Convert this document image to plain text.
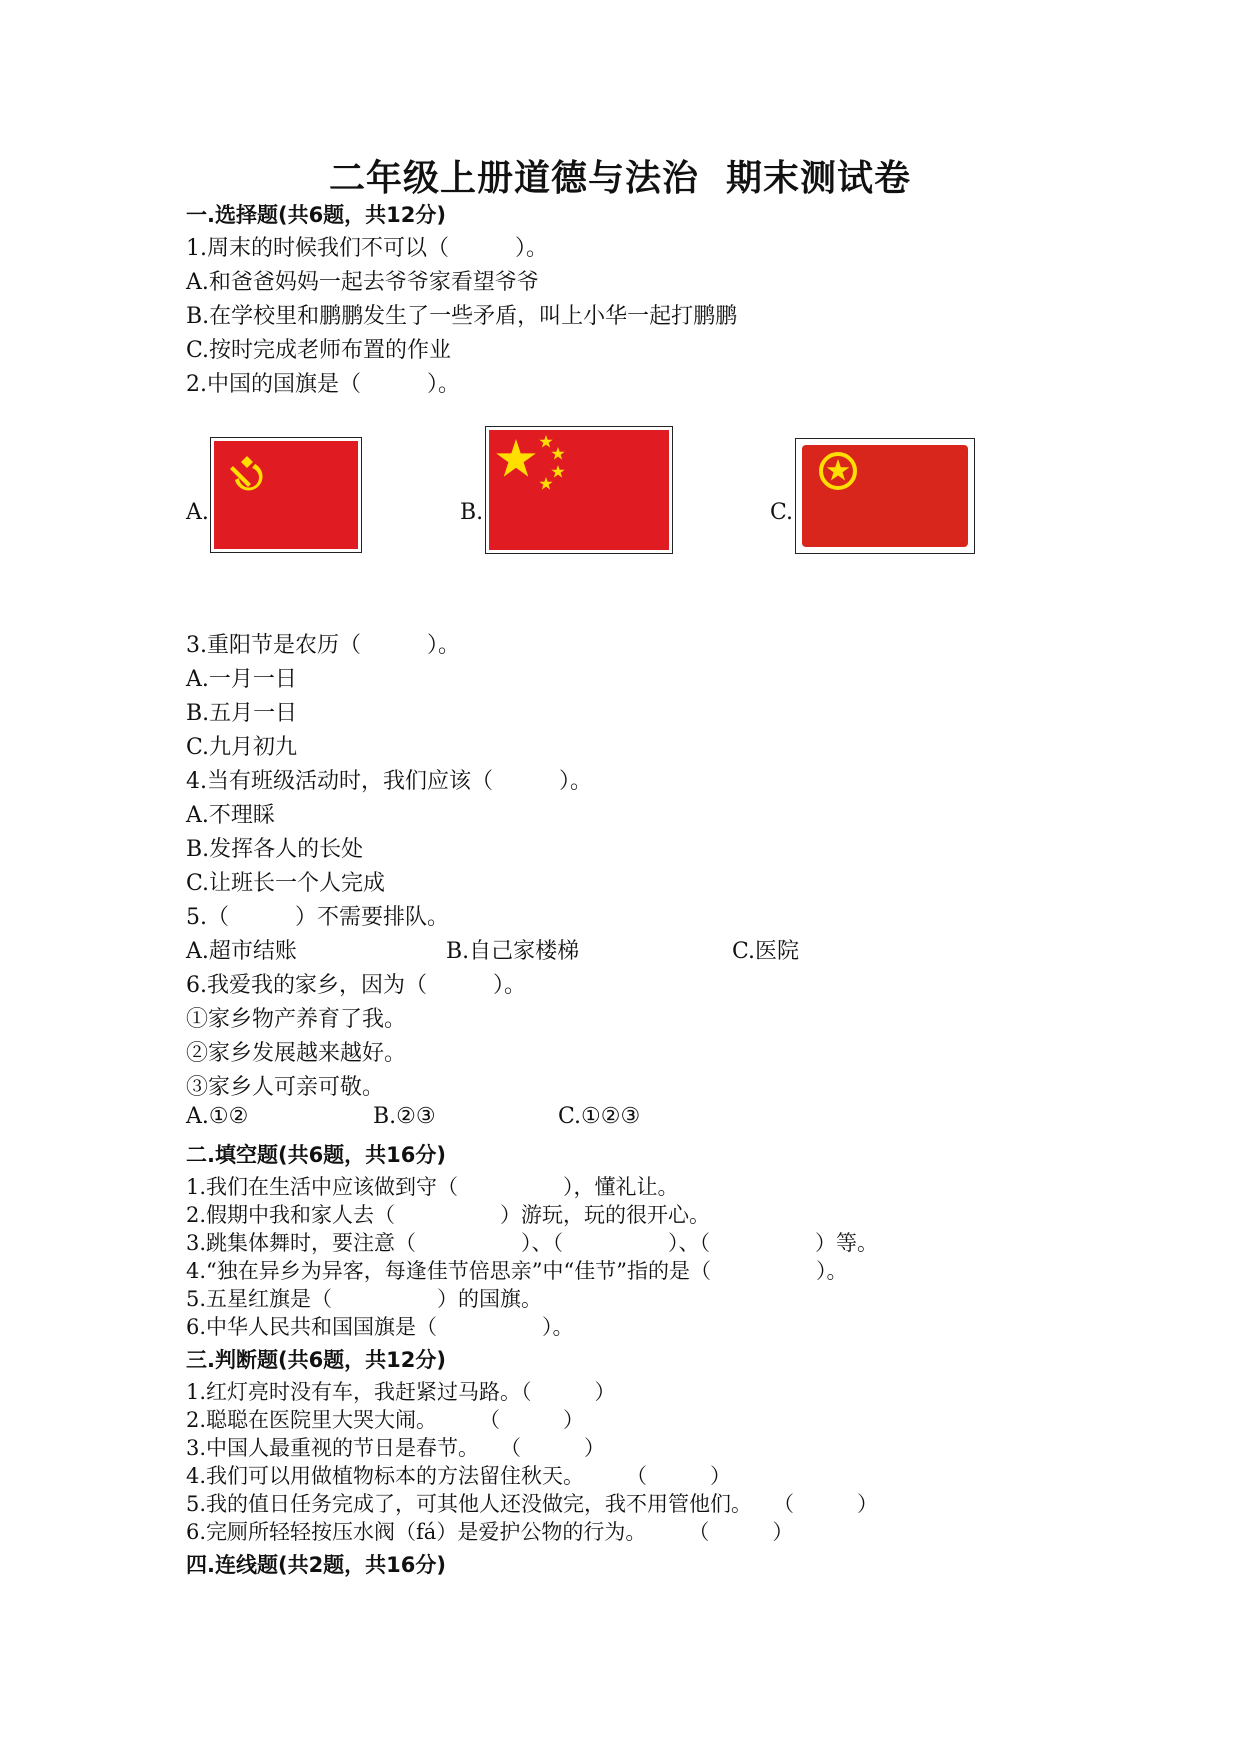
二年级上册道德与法治  期末测试卷
一.选择题(共6题，共12分)
1.周末的时候我们不可以（　　　）。
A.和爸爸妈妈一起去爷爷家看望爷爷
B.在学校里和鹏鹏发生了一些矛盾，叫上小华一起打鹏鹏
C.按时完成老师布置的作业
2.中国的国旗是（　　　）。
A.	B.	C.
3.重阳节是农历（　　　）。
A.一月一日
B.五月一日
C.九月初九
4.当有班级活动时，我们应该（　　　）。
A.不理睬
B.发挥各人的长处
C.让班长一个人完成
5.（　　　）不需要排队。
A.超市结账	B.自己家楼梯	C.医院
6.我爱我的家乡，因为（　　　）。
①家乡物产养育了我。
②家乡发展越来越好。
③家乡人可亲可敬。
A.①②	B.②③	C.①②③
二.填空题(共6题，共16分)
1.我们在生活中应该做到守（　　　　　），懂礼让。
2.假期中我和家人去（　　　　　）游玩，玩的很开心。
3.跳集体舞时，要注意（　　　　　）、（　　　　　）、（　　　　　）等。
4.“独在异乡为异客，每逢佳节倍思亲”中“佳节”指的是（　　　　　）。
5.五星红旗是（　　　　　）的国旗。
6.中华人民共和国国旗是（　　　　　）。
三.判断题(共6题，共12分)
1.红灯亮时没有车，我赶紧过马路。（　　　）
2.聪聪在医院里大哭大闹。　　　（　　　）
3.中国人最重视的节日是春节。　　（　　　）
4.我们可以用做植物标本的方法留住秋天。　　　（　　　）
5.我的值日任务完成了，可其他人还没做完，我不用管他们。　　（　　　）
6.完厕所轻轻按压水阀（fá）是爱护公物的行为。　　　（　　　）
四.连线题(共2题，共16分)
